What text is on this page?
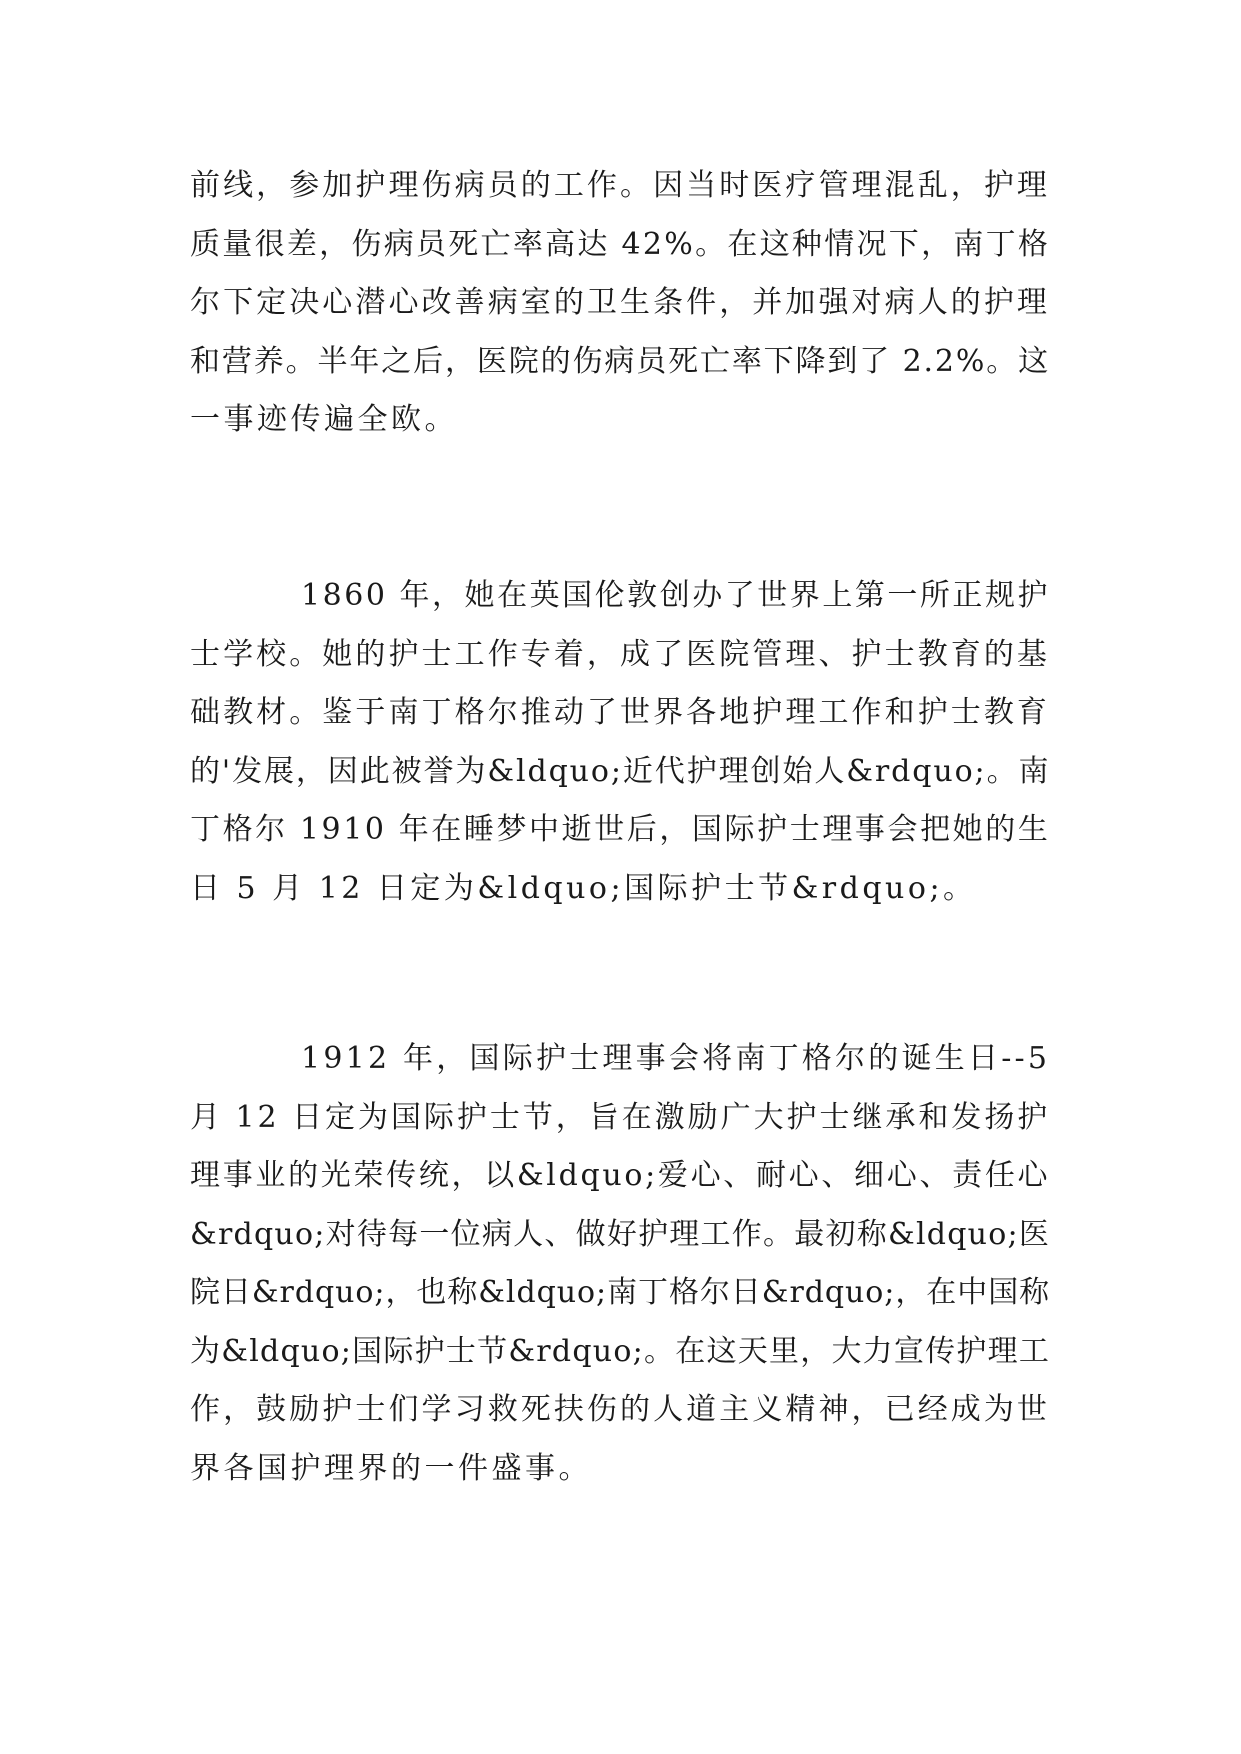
前线，参加护理伤病员的工作。因当时医疗管理混乱，护理
质量很差，伤病员死亡率高达 42%。在这种情况下，南丁格
尔下定决心潜心改善病室的卫生条件，并加强对病人的护理
和营养。半年之后，医院的伤病员死亡率下降到了 2.2%。这
一事迹传遍全欧。
1860 年，她在英国伦敦创办了世界上第一所正规护
士学校。她的护士工作专着，成了医院管理、护士教育的基
础教材。鉴于南丁格尔推动了世界各地护理工作和护士教育
的'发展，因此被誉为&ldquo;近代护理创始人&rdquo;。南
丁格尔 1910 年在睡梦中逝世后，国际护士理事会把她的生
日 5 月 12 日定为&ldquo;国际护士节&rdquo;。
1912 年，国际护士理事会将南丁格尔的诞生日--5
月 12 日定为国际护士节，旨在激励广大护士继承和发扬护
理事业的光荣传统，以&ldquo;爱心、耐心、细心、责任心
&rdquo;对待每一位病人、做好护理工作。最初称&ldquo;医
院日&rdquo;，也称&ldquo;南丁格尔日&rdquo;，在中国称
为&ldquo;国际护士节&rdquo;。在这天里，大力宣传护理工
作，鼓励护士们学习救死扶伤的人道主义精神，已经成为世
界各国护理界的一件盛事。
